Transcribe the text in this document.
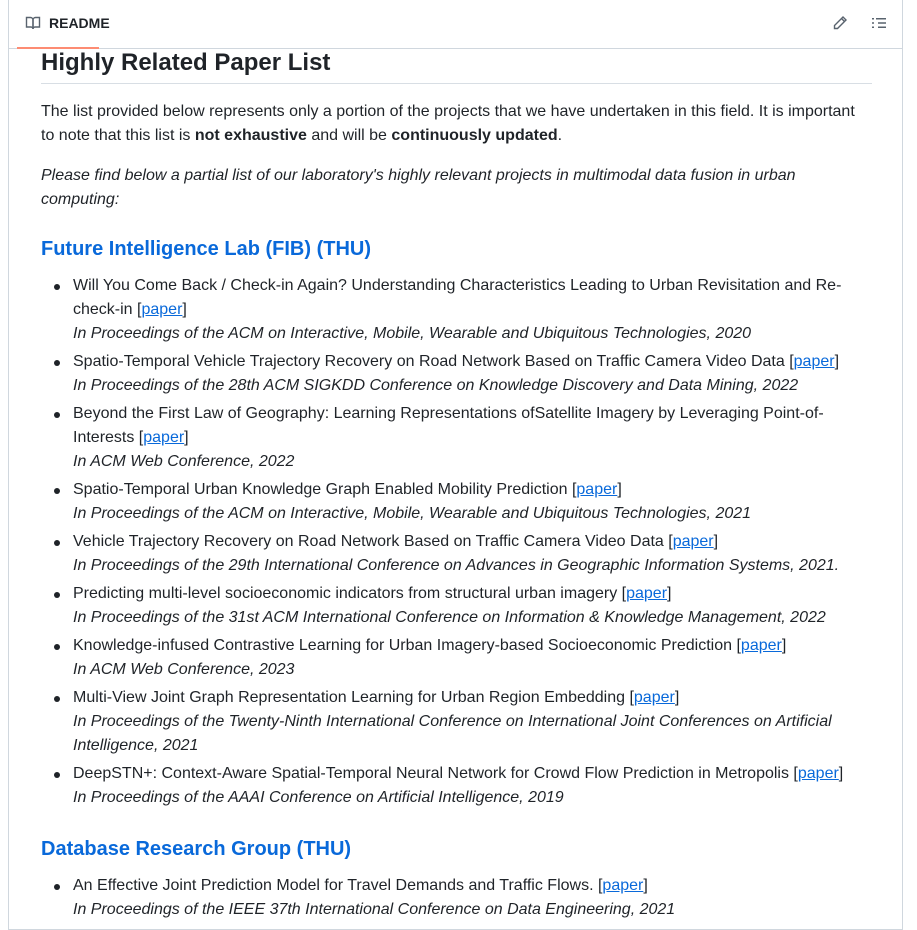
README
Highly Related Paper List

The list provided below represents only a portion of the projects that we have undertaken in this field. It is important to note that this list is not exhaustive and will be continuously updated.

Please find below a partial list of our laboratory's highly relevant projects in multimodal data fusion in urban computing:

Future Intelligence Lab (FIB) (THU)
Will You Come Back / Check-in Again? Understanding Characteristics Leading to Urban Revisitation and Re-check-in [paper]
In Proceedings of the ACM on Interactive, Mobile, Wearable and Ubiquitous Technologies, 2020
Spatio-Temporal Vehicle Trajectory Recovery on Road Network Based on Traffic Camera Video Data [paper]
In Proceedings of the 28th ACM SIGKDD Conference on Knowledge Discovery and Data Mining, 2022
Beyond the First Law of Geography: Learning Representations ofSatellite Imagery by Leveraging Point-of-Interests [paper]
In ACM Web Conference, 2022
Spatio-Temporal Urban Knowledge Graph Enabled Mobility Prediction [paper]
In Proceedings of the ACM on Interactive, Mobile, Wearable and Ubiquitous Technologies, 2021
Vehicle Trajectory Recovery on Road Network Based on Traffic Camera Video Data [paper]
In Proceedings of the 29th International Conference on Advances in Geographic Information Systems, 2021.
Predicting multi-level socioeconomic indicators from structural urban imagery [paper]
In Proceedings of the 31st ACM International Conference on Information & Knowledge Management, 2022
Knowledge-infused Contrastive Learning for Urban Imagery-based Socioeconomic Prediction [paper]
In ACM Web Conference, 2023
Multi-View Joint Graph Representation Learning for Urban Region Embedding [paper]
In Proceedings of the Twenty-Ninth International Conference on International Joint Conferences on Artificial Intelligence, 2021
DeepSTN+: Context-Aware Spatial-Temporal Neural Network for Crowd Flow Prediction in Metropolis [paper]
In Proceedings of the AAAI Conference on Artificial Intelligence, 2019
Database Research Group (THU)
An Effective Joint Prediction Model for Travel Demands and Traffic Flows. [paper]
In Proceedings of the IEEE 37th International Conference on Data Engineering, 2021
